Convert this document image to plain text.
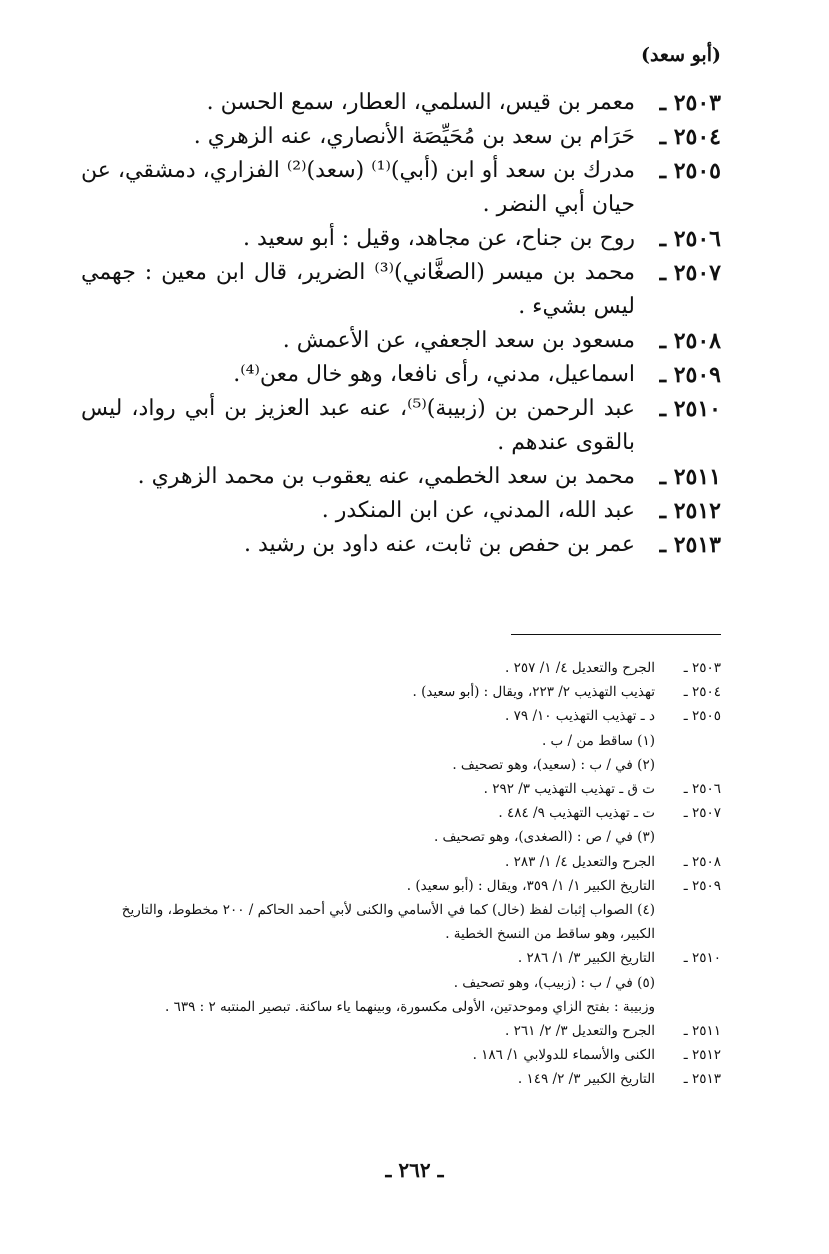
(أبو سعد)
٢٥٠٣ ـ
معمر بن قيس، السلمي، العطار، سمع الحسن .
٢٥٠٤ ـ
حَرَام بن سعد بن مُحَيِّصَة الأنصاري، عنه الزهري .
٢٥٠٥ ـ
مدرك بن سعد أو ابن (أبي)⁽¹⁾ (سعد)⁽²⁾ الفزاري، دمشقي، عن حيان أبي النضر .
٢٥٠٦ ـ
روح بن جناح، عن مجاهد، وقيل : أبو سعيد .
٢٥٠٧ ـ
محمد بن ميسر (الصغَّاني)⁽³⁾ الضرير، قال ابن معين : جهمي ليس بشيء .
٢٥٠٨ ـ
مسعود بن سعد الجعفي، عن الأعمش .
٢٥٠٩ ـ
اسماعيل، مدني، رأى نافعا، وهو خال معن⁽⁴⁾.
٢٥١٠ ـ
عبد الرحمن بن (زبيبة)⁽⁵⁾، عنه عبد العزيز بن أبي رواد، ليس بالقوى عندهم .
٢٥١١ ـ
محمد بن سعد الخطمي، عنه يعقوب بن محمد الزهري .
٢٥١٢ ـ
عبد الله، المدني، عن ابن المنكدر .
٢٥١٣ ـ
عمر بن حفص بن ثابت، عنه داود بن رشيد .
٢٥٠٣ ـ
الجرح والتعديل ٤/ ١/ ٢٥٧ .
٢٥٠٤ ـ
تهذيب التهذيب ٢/ ٢٢٣، ويقال : (أبو سعيد) .
٢٥٠٥ ـ
د ـ تهذيب التهذيب ١٠/ ٧٩ .
(١) ساقط من / ب .
(٢) في / ب : (سعيد)، وهو تصحيف .
٢٥٠٦ ـ
ت ق ـ تهذيب التهذيب ٣/ ٢٩٢ .
٢٥٠٧ ـ
ت ـ تهذيب التهذيب ٩/ ٤٨٤ .
(٣) في / ص : (الصغدى)، وهو تصحيف .
٢٥٠٨ ـ
الجرح والتعديل ٤/ ١/ ٢٨٣ .
٢٥٠٩ ـ
التاريخ الكبير ١/ ١/ ٣٥٩، ويقال : (أبو سعيد) .
(٤) الصواب إثبات لفظ (خال) كما في الأسامي والكنى لأبي أحمد الحاكم / ٢٠٠ مخطوط، والتاريخ الكبير، وهو ساقط من النسخ الخطية .
٢٥١٠ ـ
التاريخ الكبير ٣/ ١/ ٢٨٦ .
(٥) في / ب : (زبيب)، وهو تصحيف .
وزبيبة : بفتح الزاي وموحدتين، الأولى مكسورة، وبينهما ياء ساكنة. تبصير المنتبه ٢ : ٦٣٩ .
٢٥١١ ـ
الجرح والتعديل ٣/ ٢/ ٢٦١ .
٢٥١٢ ـ
الكنى والأسماء للدولابي ١/ ١٨٦ .
٢٥١٣ ـ
التاريخ الكبير ٣/ ٢/ ١٤٩ .
ـ ٢٦٢ ـ
